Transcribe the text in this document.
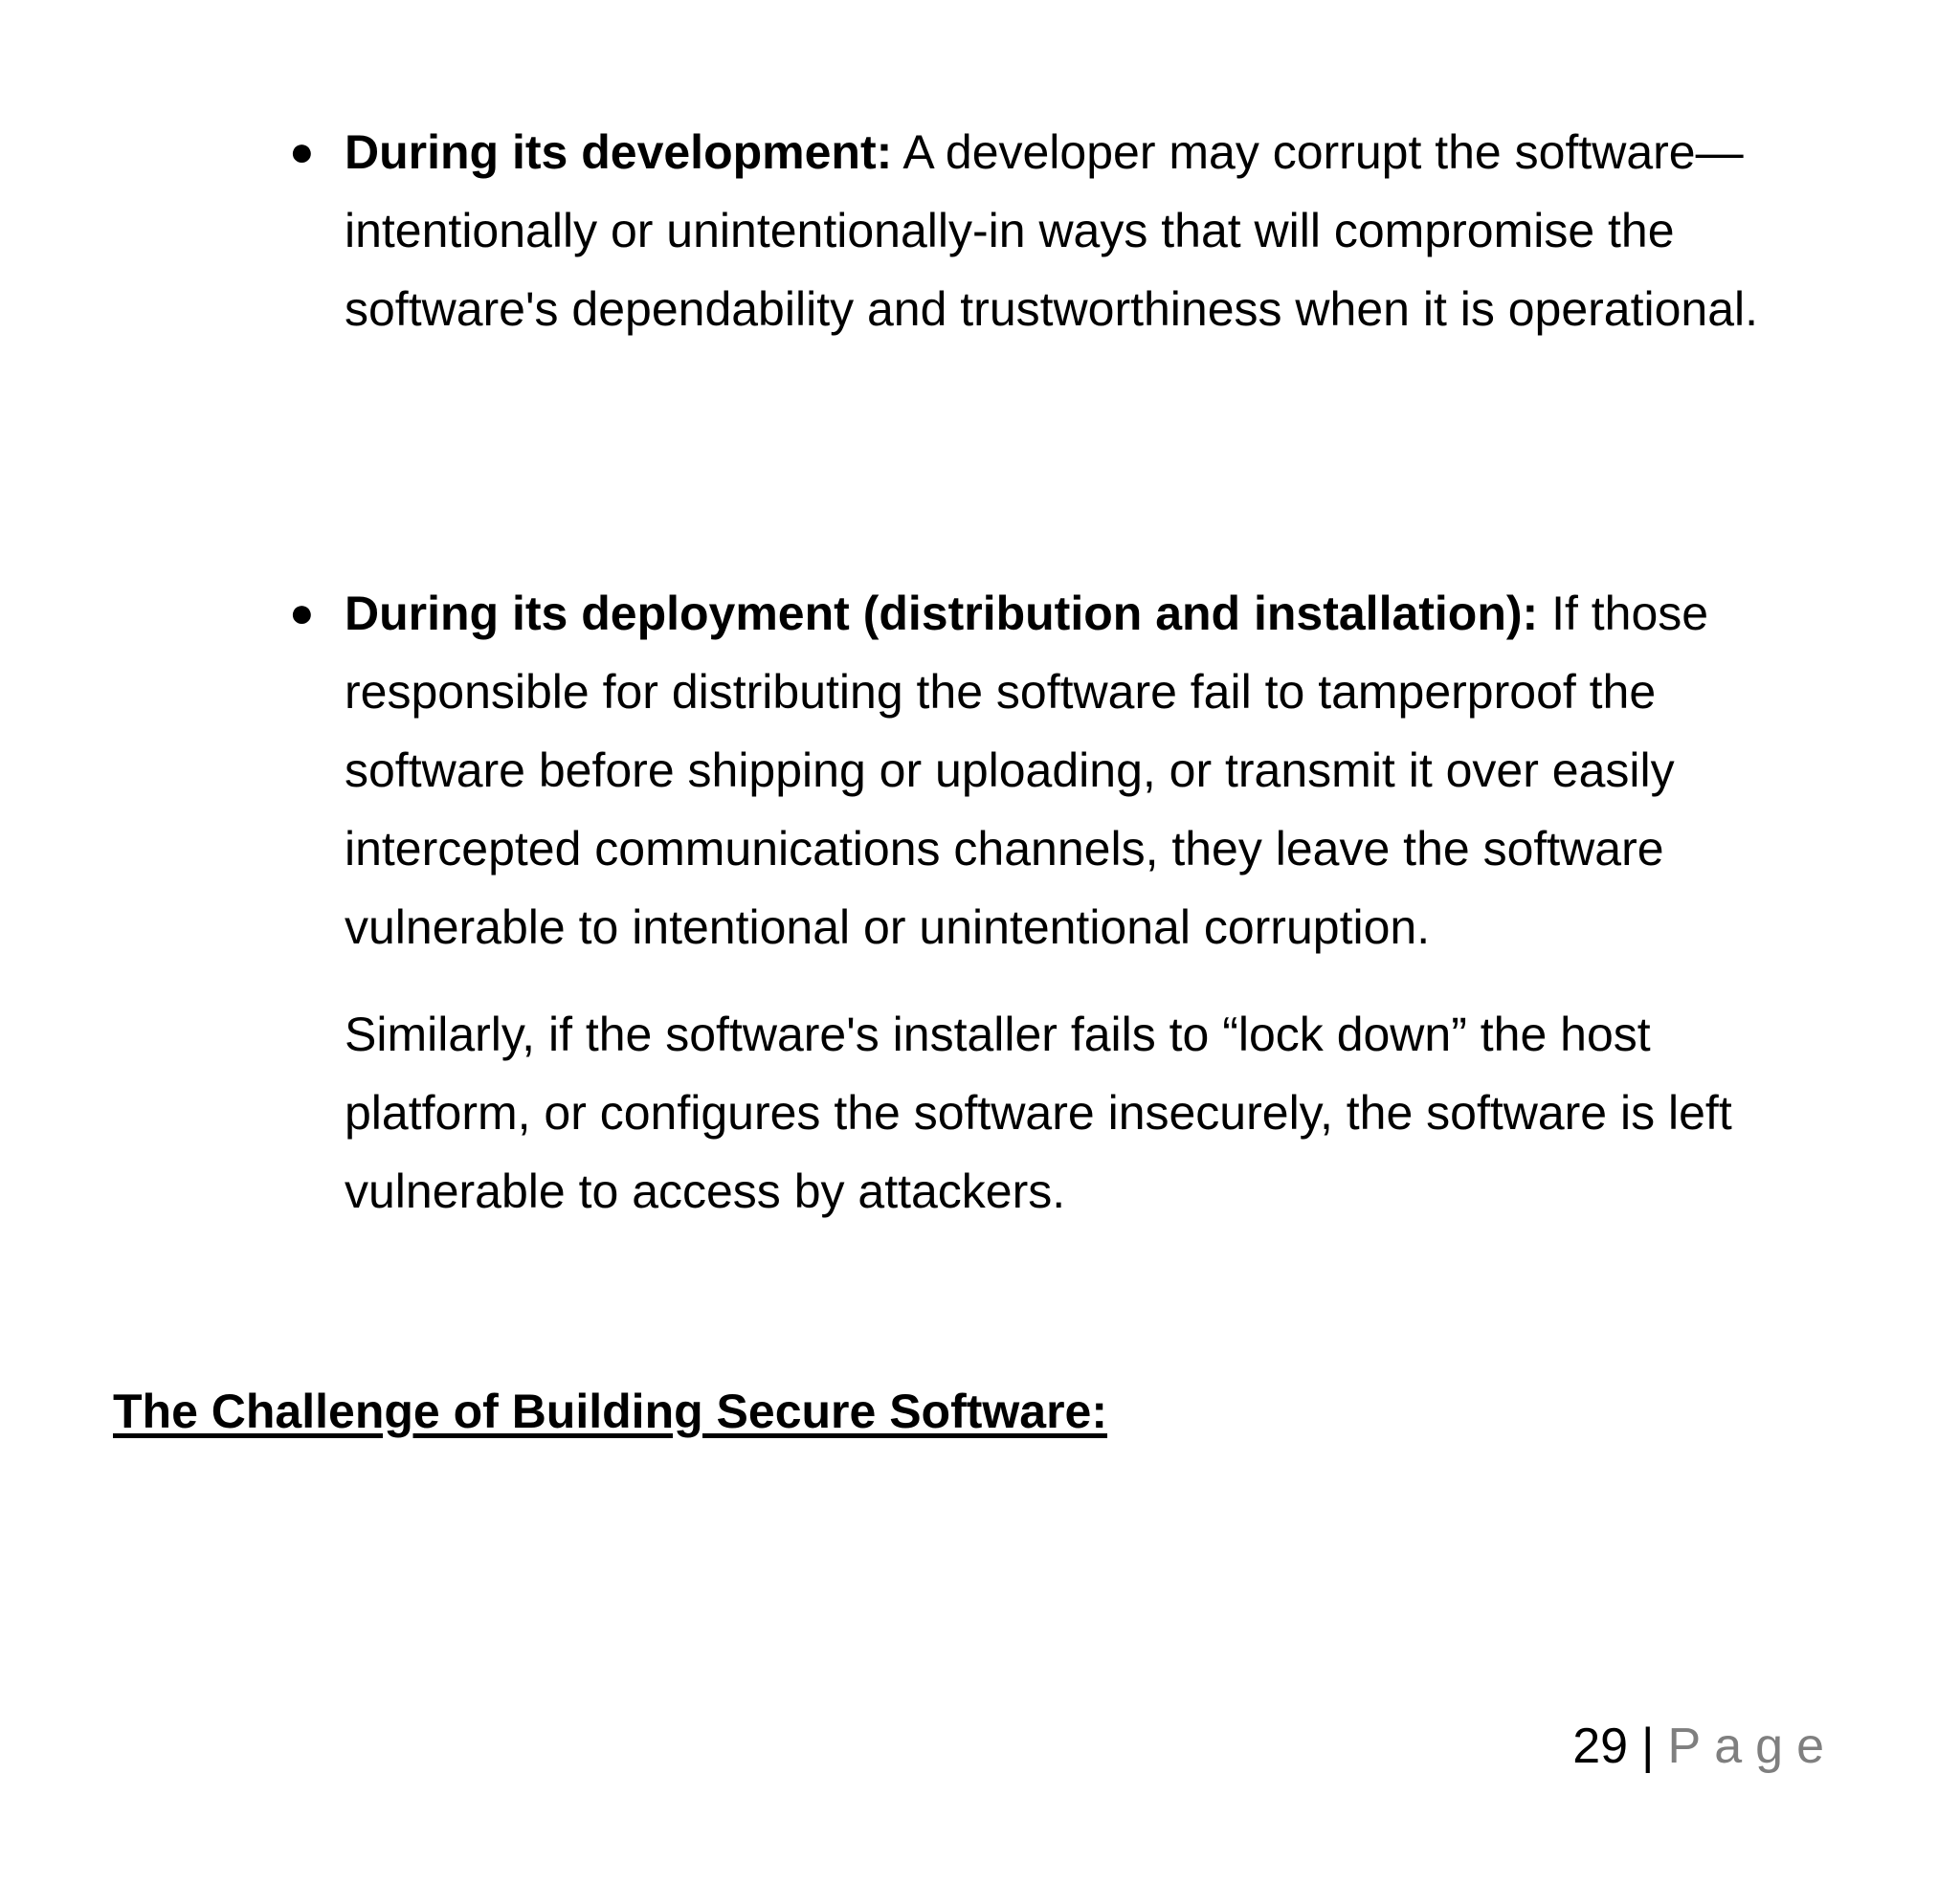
● During its development: A developer may corrupt the software—intentionally or unintentionally-in ways that will compromise the software's dependability and trustworthiness when it is operational.
● During its deployment (distribution and installation): If those responsible for distributing the software fail to tamperproof the software before shipping or uploading, or transmit it over easily intercepted communications channels, they leave the software vulnerable to intentional or unintentional corruption.
Similarly, if the software's installer fails to “lock down” the host platform, or configures the software insecurely, the software is left vulnerable to access by attackers.
The Challenge of Building Secure Software:
29 | Page
